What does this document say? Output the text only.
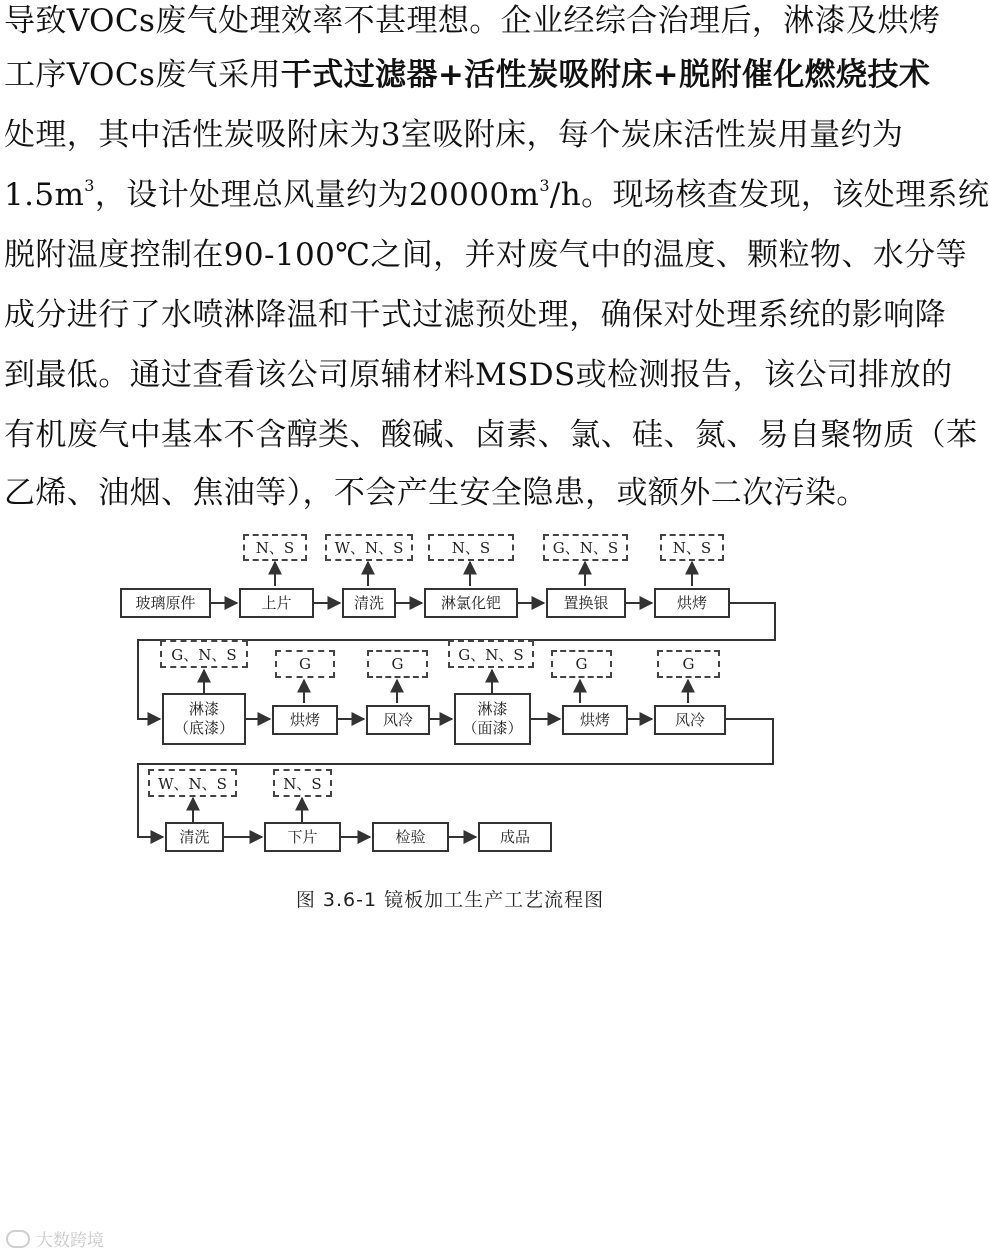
导致VOCs废气处理效率不甚理想。企业经综合治理后，淋漆及烘烤
工序VOCs废气采用干式过滤器+活性炭吸附床+脱附催化燃烧技术
处理，其中活性炭吸附床为3室吸附床，每个炭床活性炭用量约为
$1.5m^3$，设计处理总风量约为$20000m^3/h$。现场核查发现，该处理系统
脱附温度控制在90-100℃之间，并对废气中的温度、颗粒物、水分等
成分进行了水喷淋降温和干式过滤预处理，确保对处理系统的影响降
到最低。通过查看该公司原辅材料MSDS或检测报告，该公司排放的
有机废气中基本不含醇类、酸碱、卤素、氯、硅、氮、易自聚物质（苯
乙烯、油烟、焦油等），不会产生安全隐患，或额外二次污染。
玻璃原件	上片	清洗	淋氯化钯	置换银	烘烤
N、S	W、N、S	N、S	G、N、S	N、S
淋漆
（底漆）	烘烤	风冷
淋漆
（面漆）	烘烤	风冷
G、N、S
G	G
G、N、S
G	G
清洗	下片	检验	成品
W、N、S	N、S
图 3.6-1 镜板加工生产工艺流程图
大数跨境
